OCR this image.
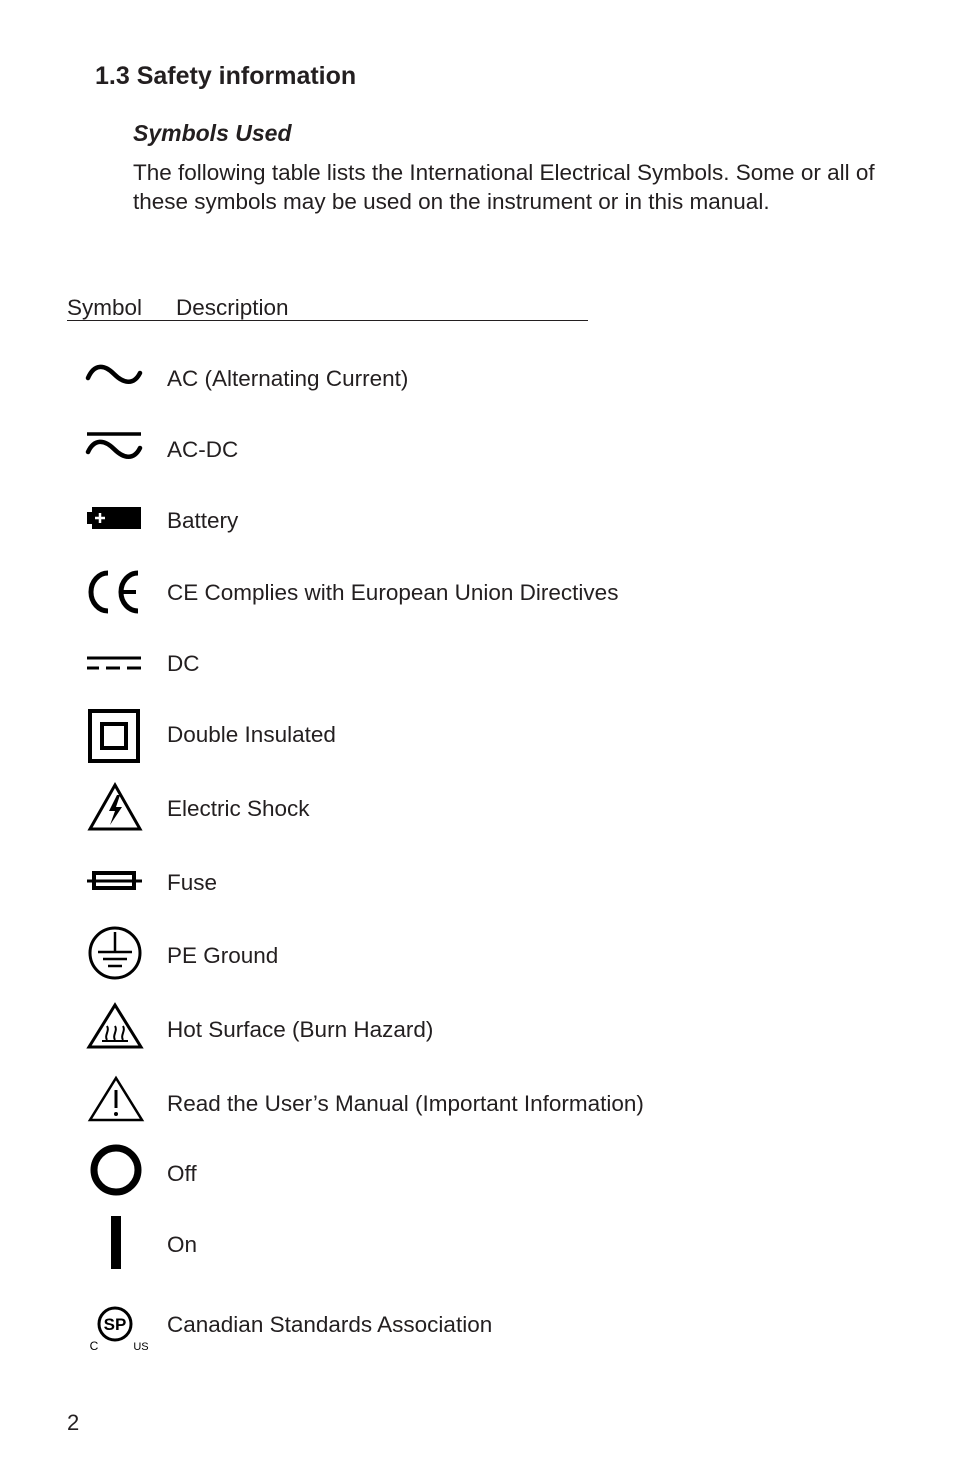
1.3 Safety information
Symbols Used

The following table lists the International Electrical Symbols. Some or all of these symbols may be used on the instrument or in this manual.

Symbol Description
AC (Alternating Current)
AC-DC
Battery
CE Complies with European Union Directives
DC
Double Insulated
Electric Shock
Fuse
PE Ground
Hot Surface (Burn Hazard)
Read the User’s Manual (Important Information)
Off
On
SP
C	US
Canadian Standards Association
2
